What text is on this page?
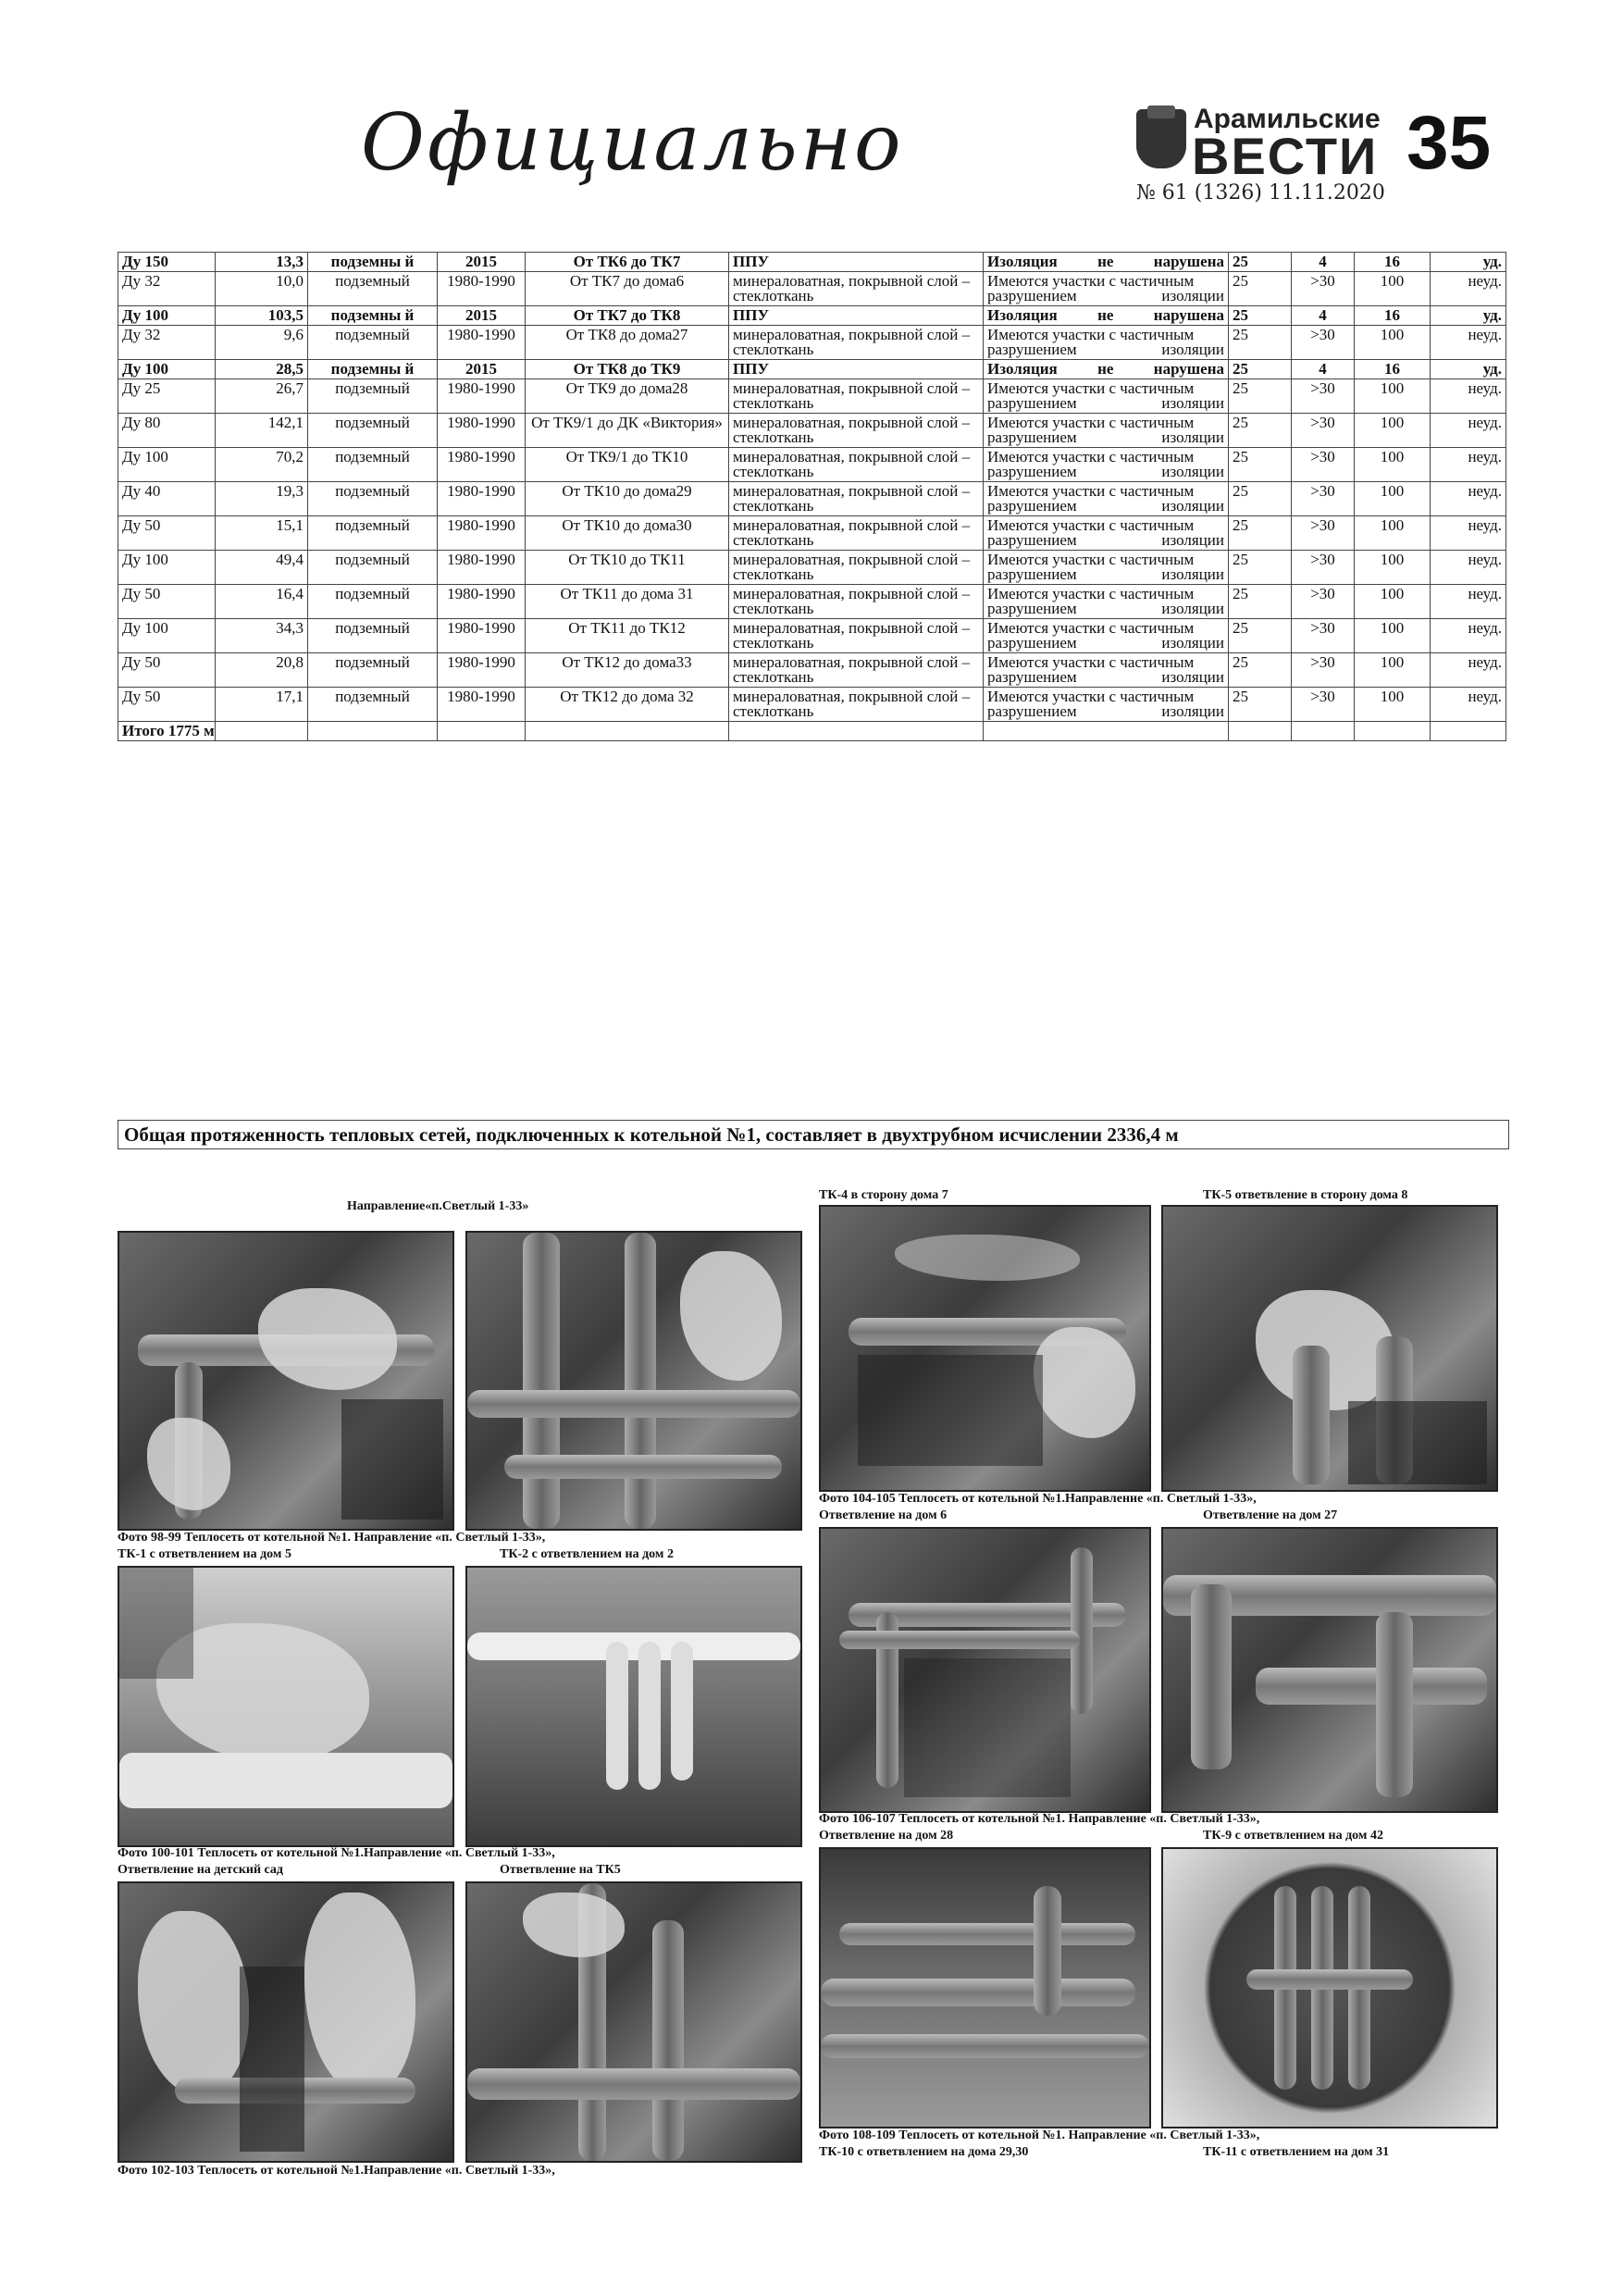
Официально	Арамильские
ВЕСТИ
№ 61 (1326) 11.11.2020
35
Ду 150	13,3	подземны й	2015	От ТК6 до ТК7	ППУ	Изоляция не нарушена	25	4	16	уд.
Ду 32	10,0	подземный	1980-1990	От ТК7 до дома6	минераловатная, покрывной слой – стеклоткань	Имеются участки с частичным разрушением изоляции	25	>30	100	неуд.
Ду 100	103,5	подземны й	2015	От ТК7 до ТК8	ППУ	Изоляция не нарушена	25	4	16	уд.
Ду 32	9,6	подземный	1980-1990	От ТК8 до дома27	минераловатная, покрывной слой – стеклоткань	Имеются участки с частичным разрушением изоляции	25	>30	100	неуд.
Ду 100	28,5	подземны й	2015	От ТК8 до ТК9	ППУ	Изоляция не нарушена	25	4	16	уд.
Ду 25	26,7	подземный	1980-1990	От ТК9 до дома28	минераловатная, покрывной слой – стеклоткань	Имеются участки с частичным разрушением изоляции	25	>30	100	неуд.
Ду 80	142,1	подземный	1980-1990	От ТК9/1 до ДК «Виктория»	минераловатная, покрывной слой – стеклоткань	Имеются участки с частичным разрушением изоляции	25	>30	100	неуд.
Ду 100	70,2	подземный	1980-1990	От ТК9/1 до ТК10	минераловатная, покрывной слой – стеклоткань	Имеются участки с частичным разрушением изоляции	25	>30	100	неуд.
Ду 40	19,3	подземный	1980-1990	От ТК10 до дома29	минераловатная, покрывной слой – стеклоткань	Имеются участки с частичным разрушением изоляции	25	>30	100	неуд.
Ду 50	15,1	подземный	1980-1990	От ТК10 до дома30	минераловатная, покрывной слой – стеклоткань	Имеются участки с частичным разрушением изоляции	25	>30	100	неуд.
Ду 100	49,4	подземный	1980-1990	От ТК10 до ТК11	минераловатная, покрывной слой – стеклоткань	Имеются участки с частичным разрушением изоляции	25	>30	100	неуд.
Ду 50	16,4	подземный	1980-1990	От ТК11 до дома 31	минераловатная, покрывной слой – стеклоткань	Имеются участки с частичным разрушением изоляции	25	>30	100	неуд.
Ду 100	34,3	подземный	1980-1990	От ТК11 до ТК12	минераловатная, покрывной слой – стеклоткань	Имеются участки с частичным разрушением изоляции	25	>30	100	неуд.
Ду 50	20,8	подземный	1980-1990	От ТК12 до дома33	минераловатная, покрывной слой – стеклоткань	Имеются участки с частичным разрушением изоляции	25	>30	100	неуд.
Ду 50	17,1	подземный	1980-1990	От ТК12 до дома 32	минераловатная, покрывной слой – стеклоткань	Имеются участки с частичным разрушением изоляции	25	>30	100	неуд.
Итого 1775 м										
Общая протяженность тепловых сетей, подключенных к котельной №1, составляет в двухтрубном исчислении 2336,4 м
Направление«п.Светлый 1-33»
Фото 98-99 Теплосеть от котельной №1. Направление «п. Светлый 1-33»,
ТК-1 с ответвлением на дом 5	ТК-2 с ответвлением на дом 2
Фото 100-101 Теплосеть от котельной №1.Направление «п. Светлый 1-33»,
Ответвление на детский сад	Ответвление на ТК5
Фото 102-103 Теплосеть от котельной №1.Направление «п. Светлый 1-33»,
ТК-4 в сторону дома 7	ТК-5 ответвление в сторону дома 8
Фото 104-105 Теплосеть от котельной №1.Направление «п. Светлый 1-33»,
Ответвление на дом 6	Ответвление на дом 27
Фото 106-107 Теплосеть от котельной №1. Направление «п. Светлый 1-33»,
Ответвление на дом 28	ТК-9 с ответвлением на дом 42
Фото 108-109 Теплосеть от котельной №1. Направление «п. Светлый 1-33»,
ТК-10 с ответвлением на дома 29,30	ТК-11 с ответвлением на дом 31
